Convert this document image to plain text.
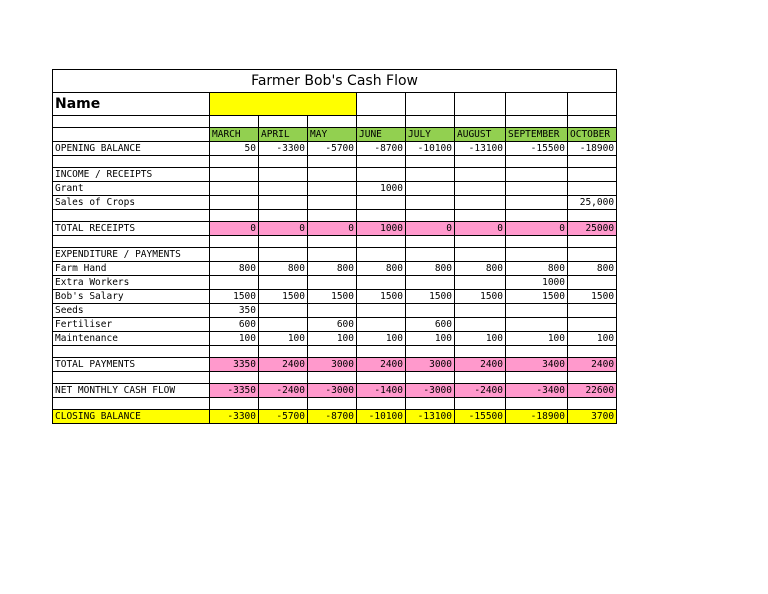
Farmer Bob's Cash Flow								
Name								

	MARCH	APRIL	MAY	JUNE	JULY	AUGUST	SEPTEMBER	OCTOBER
OPENING BALANCE	50	-3300	-5700	-8700	-10100	-13100	-15500	-18900

INCOME / RECEIPTS								
Grant				1000				
Sales of Crops								25,000

TOTAL RECEIPTS	0	0	0	1000	0	0	0	25000

EXPENDITURE / PAYMENTS								
Farm Hand	800	800	800	800	800	800	800	800
Extra Workers							1000	
Bob's Salary	1500	1500	1500	1500	1500	1500	1500	1500
Seeds	350							
Fertiliser	600		600		600			
Maintenance	100	100	100	100	100	100	100	100

TOTAL PAYMENTS	3350	2400	3000	2400	3000	2400	3400	2400

NET MONTHLY CASH FLOW	-3350	-2400	-3000	-1400	-3000	-2400	-3400	22600

CLOSING BALANCE	-3300	-5700	-8700	-10100	-13100	-15500	-18900	3700
